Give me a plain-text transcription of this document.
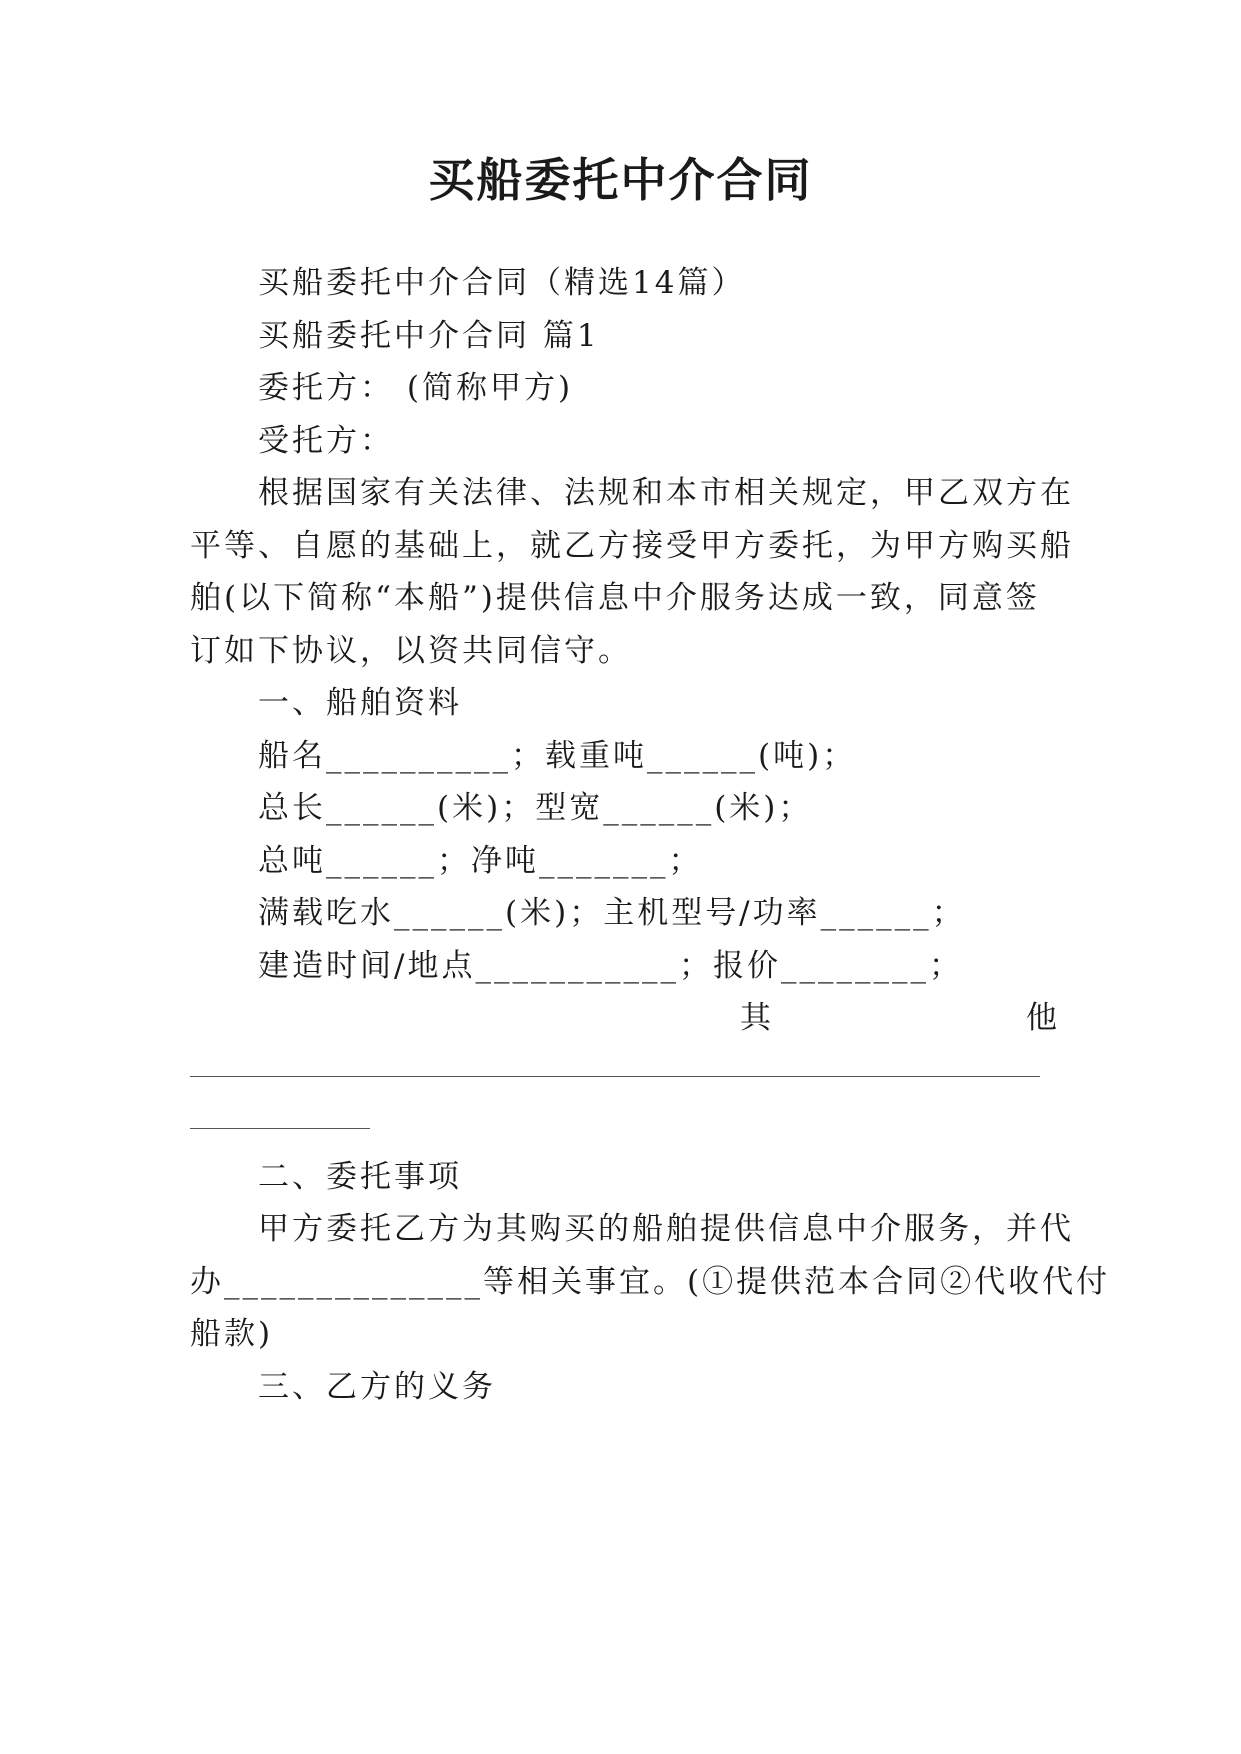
买船委托中介合同
买船委托中介合同（精选14篇）
买船委托中介合同 篇1
委托方： (简称甲方)
受托方：
根据国家有关法律、法规和本市相关规定，甲乙双方在
平等、自愿的基础上，就乙方接受甲方委托，为甲方购买船
舶(以下简称“本船”)提供信息中介服务达成一致，同意签
订如下协议，以资共同信守。
一、船舶资料
船名__________；载重吨______(吨)；
总长______(米)；型宽______(米)；
总吨______；净吨_______；
满载吃水______(米)；主机型号/功率______；
建造时间/地点___________；报价________；
其	他
二、委托事项
甲方委托乙方为其购买的船舶提供信息中介服务，并代
办______________等相关事宜。(①提供范本合同②代收代付
船款)
三、乙方的义务
